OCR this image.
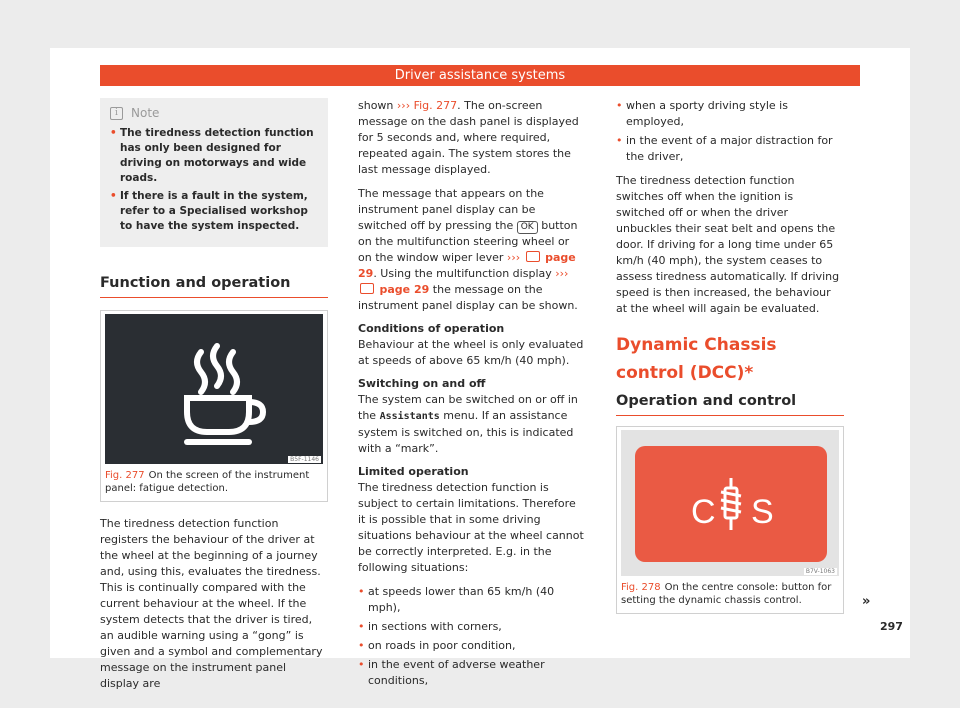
Driver assistance systems
i	Note

• The tiredness detection function has only been designed for driving on motorways and wide roads.

• If there is a fault in the system, refer to a Specialised workshop to have the system inspected.

Function and operation
B5F-1146
Fig. 277 On the screen of the instrument panel: fatigue detection.
The tiredness detection function registers the behaviour of the driver at the wheel at the beginning of a journey and, using this, evaluates the tiredness. This is continually compared with the current behaviour at the wheel. If the system detects that the driver is tired, an audible warning using a “gong” is given and a symbol and complementary message on the instrument panel display are
shown ››› Fig. 277. The on-screen message on the dash panel is displayed for 5 seconds and, where required, repeated again. The system stores the last message displayed.
The message that appears on the instrument panel display can be switched off by pressing the OK button on the multifunction steering wheel or on the window wiper lever ››› page 29. Using the multifunction display ›››  page 29 the message on the instrument panel display can be shown.
Conditions of operation
Behaviour at the wheel is only evaluated at speeds of above 65 km/h (40 mph).
Switching on and off
The system can be switched on or off in the Assistants menu. If an assistance system is switched on, this is indicated with a “mark”.
Limited operation
The tiredness detection function is subject to certain limitations. Therefore it is possible that in some driving situations behaviour at the wheel cannot be correctly interpreted. E.g. in the following situations:
• at speeds lower than 65 km/h (40 mph),
• in sections with corners,
• on roads in poor condition,
• in the event of adverse weather conditions,
• when a sporty driving style is employed,
• in the event of a major distraction for the driver,
The tiredness detection function switches off when the ignition is switched off or when the driver unbuckles their seat belt and opens the door. If driving for a long time under 65 km/h (40 mph), the system ceases to assess tiredness automatically. If driving speed is then increased, the behaviour at the wheel will again be evaluated.
Dynamic Chassis control (DCC)*
Operation and control
C S
B7V-1063
Fig. 278 On the centre console: button for setting the dynamic chassis control.	»
297
